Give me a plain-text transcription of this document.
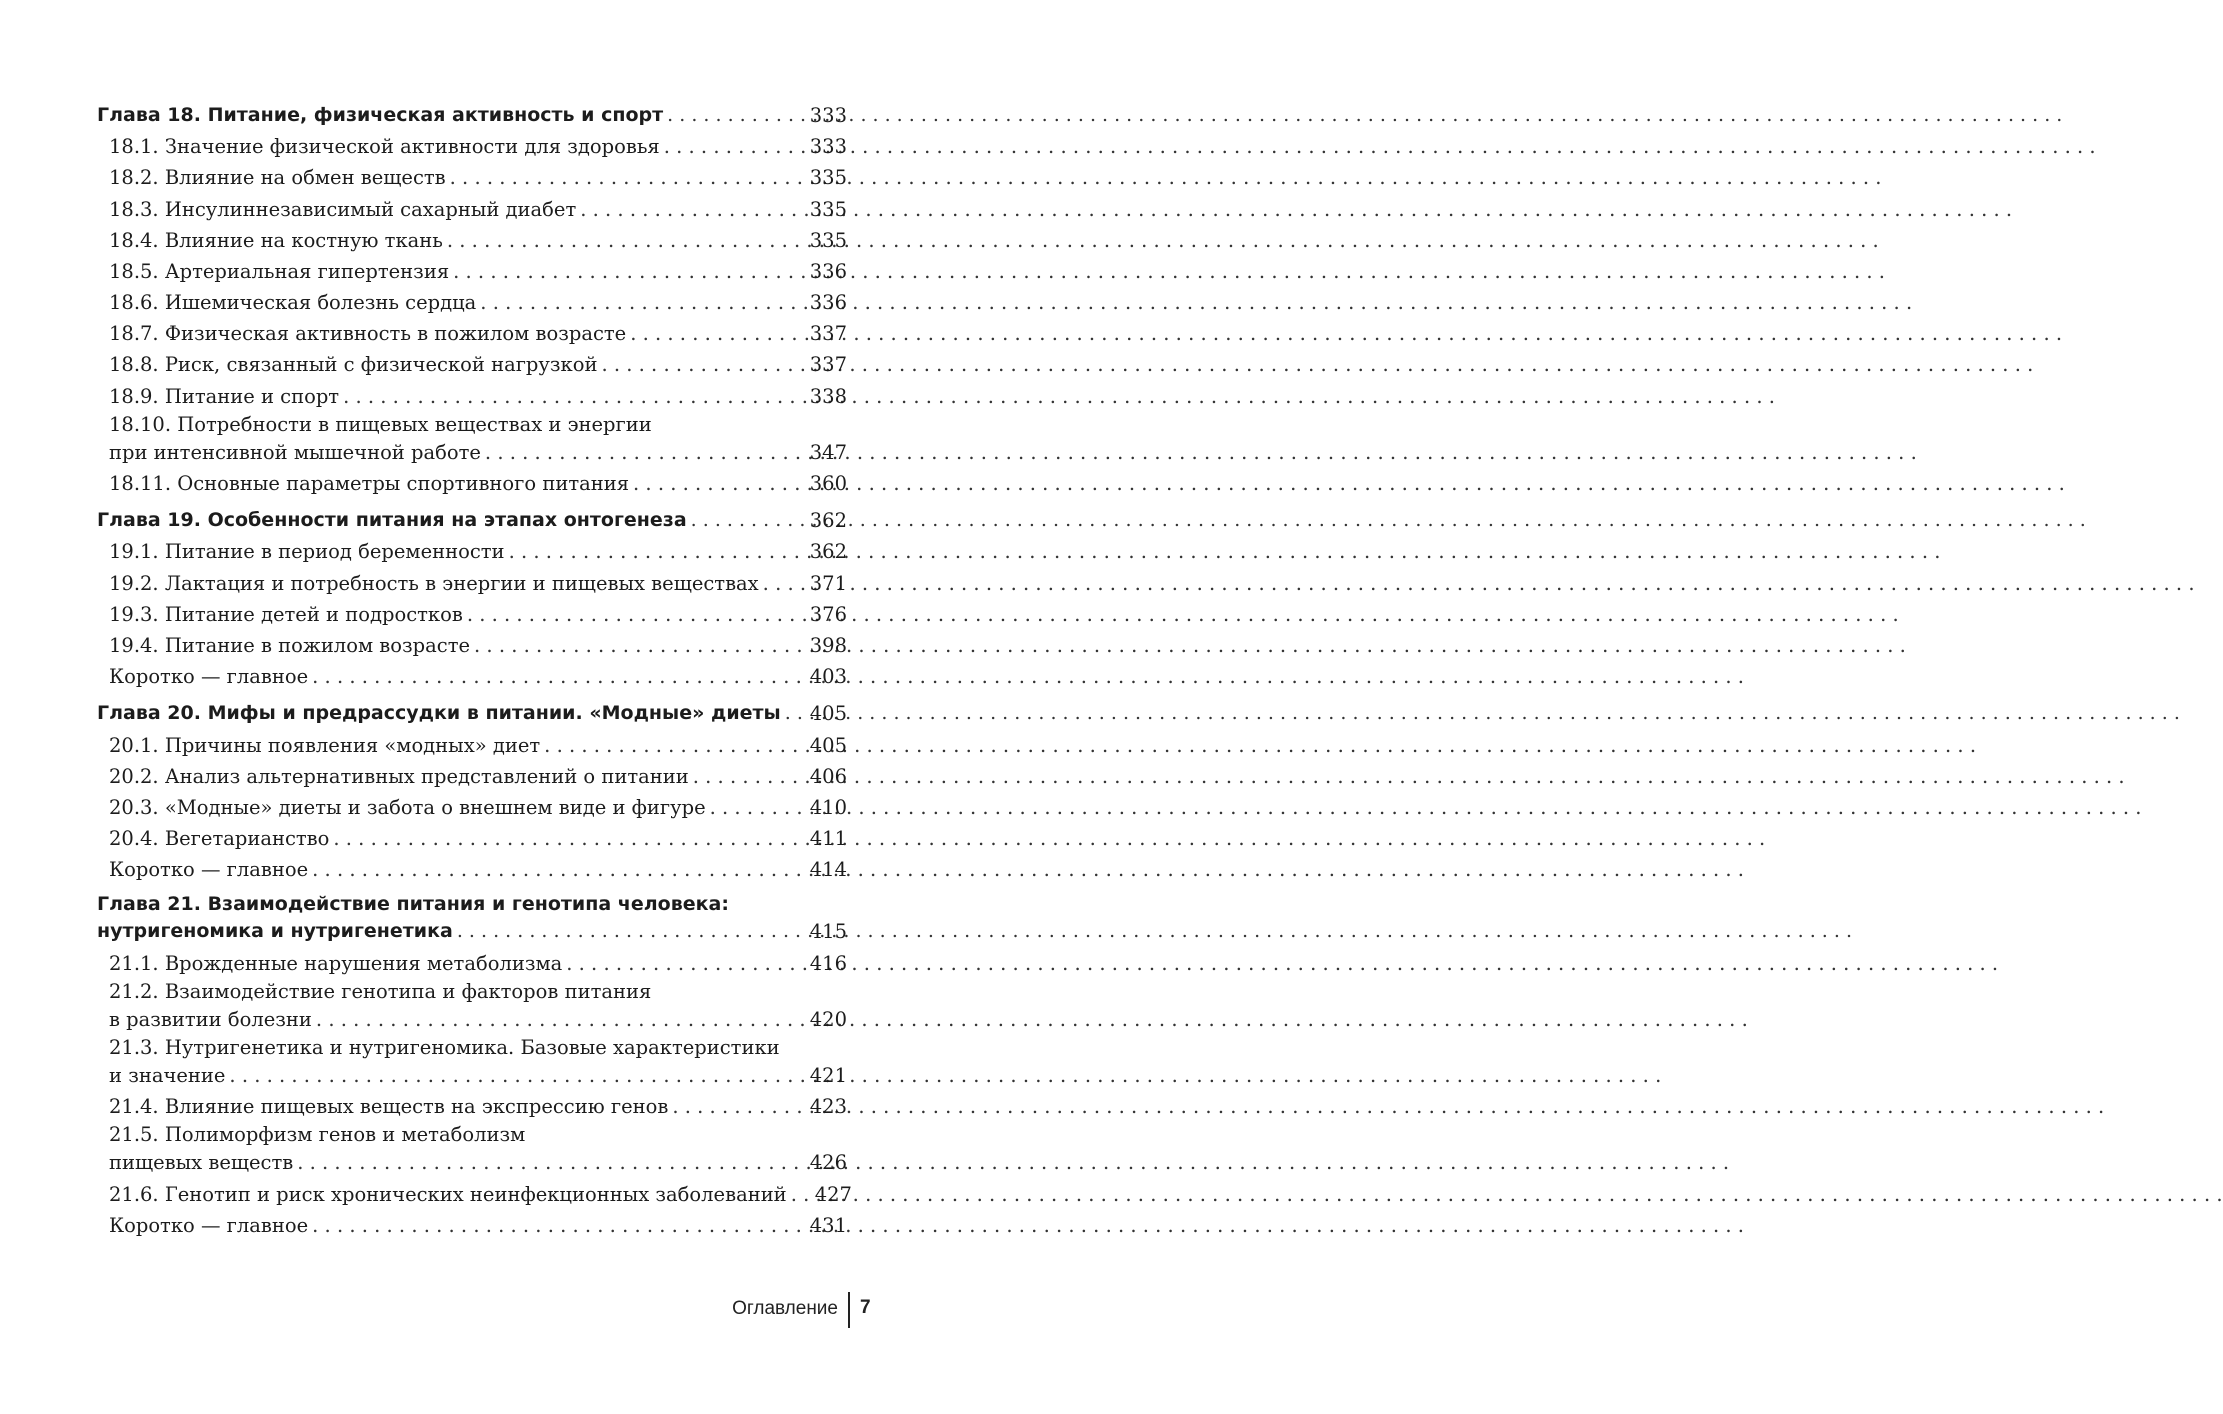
Глава 18. Питание, физическая активность и спорт . . .	333
18.1. Значение физической активности для здоровья . . .	333
18.2. Влияние на обмен веществ . . .	335
18.3. Инсулиннезависимый сахарный диабет . . .	335
18.4. Влияние на костную ткань . . .	335
18.5. Артериальная гипертензия . . .	336
18.6. Ишемическая болезнь сердца . . .	336
18.7. Физическая активность в пожилом возрасте . . .	337
18.8. Риск, связанный с физической нагрузкой . . .	337
18.9. Питание и спорт . . .	338
18.10. Потребности в пищевых веществах и энергии
при интенсивной мышечной работе . . .	347
18.11. Основные параметры спортивного питания . . .	360
Глава 19. Особенности питания на этапах онтогенеза . . .	362
19.1. Питание в период беременности . . .	362
19.2. Лактация и потребность в энергии и пищевых веществах . . .	371
19.3. Питание детей и подростков . . .	376
19.4. Питание в пожилом возрасте . . .	398
Коротко — главное . . .	403
Глава 20. Мифы и предрассудки в питании. «Модные» диеты . . . 405
20.1. Причины появления «модных» диет . . .	405
20.2. Анализ альтернативных представлений о питании . . .	406
20.3. «Модные» диеты и забота о внешнем виде и фигуре . . .	410
20.4. Вегетарианство . . .	411
Коротко — главное . . .	414
Глава 21. Взаимодействие питания и генотипа человека:
нутригеномика и нутригенетика . . .	415
21.1. Врожденные нарушения метаболизма . . .	416
21.2. Взаимодействие генотипа и факторов питания
в развитии болезни . . .	420
21.3. Нутригенетика и нутригеномика. Базовые характеристики
и значение . . .	421
21.4. Влияние пищевых веществ на экспрессию генов . . .	423
21.5. Полиморфизм генов и метаболизм
пищевых веществ . . .	426
21.6. Генотип и риск хронических неинфекционных заболеваний . . . 427
Коротко — главное . . .	431
Оглавление 7
